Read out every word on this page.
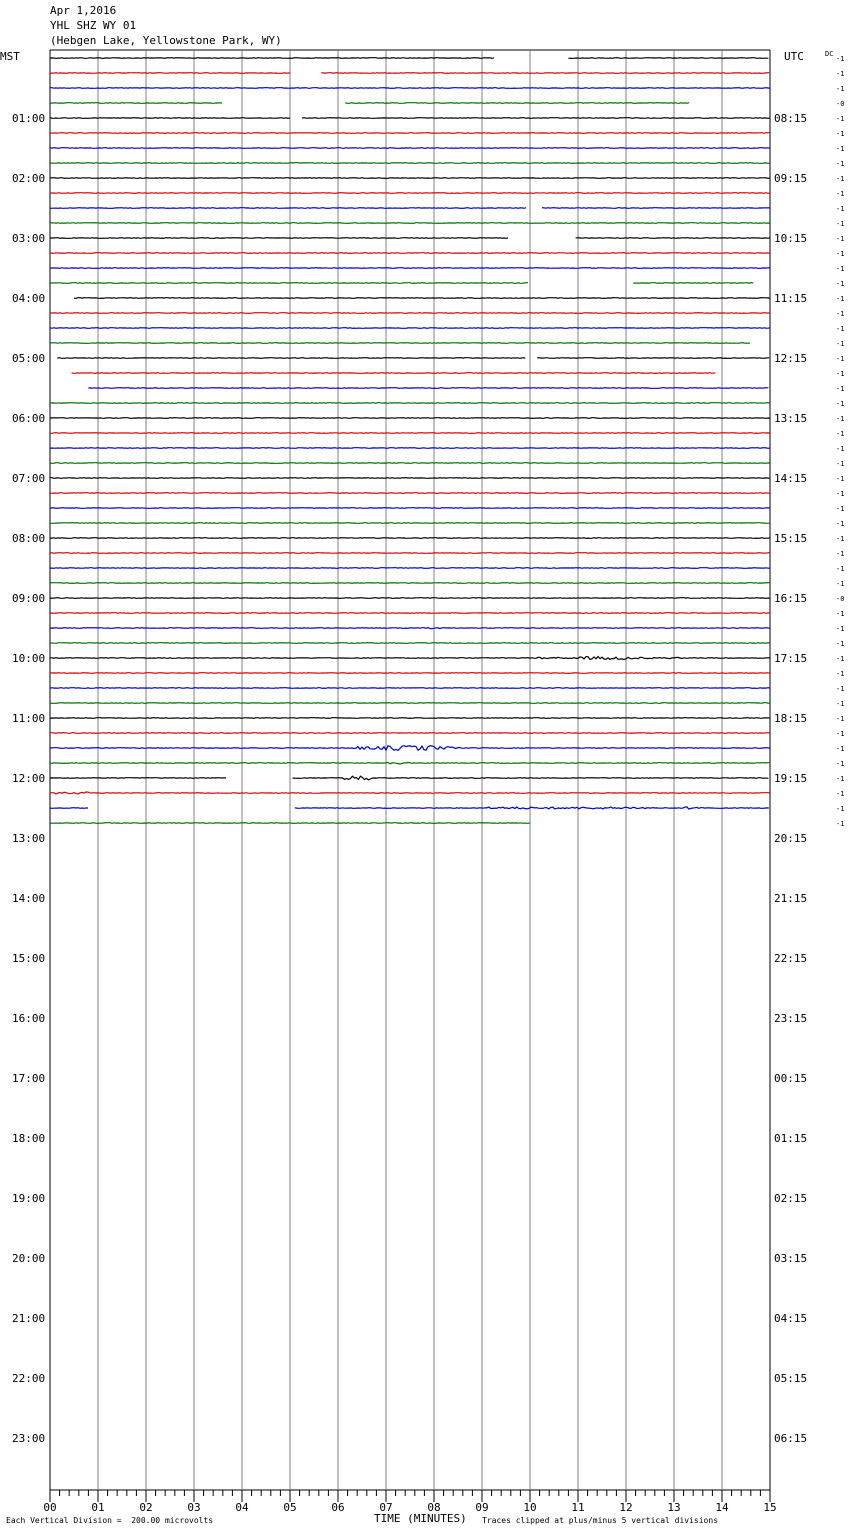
Apr 1,2016
YHL SHZ WY 01
(Hebgen Lake, Yellowstone Park, WY)
MST	UTC	DC
00	01	02	03	04	05	06	07	08	09	10	11	12	13	14	15
01:00
02:00
03:00
04:00
05:00
06:00
07:00
08:00
09:00
10:00
11:00
12:00
13:00
14:00
15:00
16:00
17:00
18:00
19:00
20:00
21:00
22:00
23:00
08:15
09:15
10:15
11:15
12:15
13:15
14:15
15:15
16:15
17:15
18:15
19:15
20:15
21:15
22:15
23:15
00:15
01:15
02:15
03:15
04:15
05:15
06:15
-1
-1
-1
-0
-1
-1
-1
-1
-1
-1
-1
-1
-1
-1
-1
-1
-1
-1
-1
-1
-1
-1
-1
-1
-1
-1
-1
-1
-1
-1
-1
-1
-1
-1
-1
-1
-0
-1
-1
-1
-1
-1
-1
-1
-1
-1
-1
-1
-1
-1
-1
-1
Each Vertical Division =  200.00 microvolts	TIME (MINUTES) Traces clipped at plus/minus 5 vertical divisions
